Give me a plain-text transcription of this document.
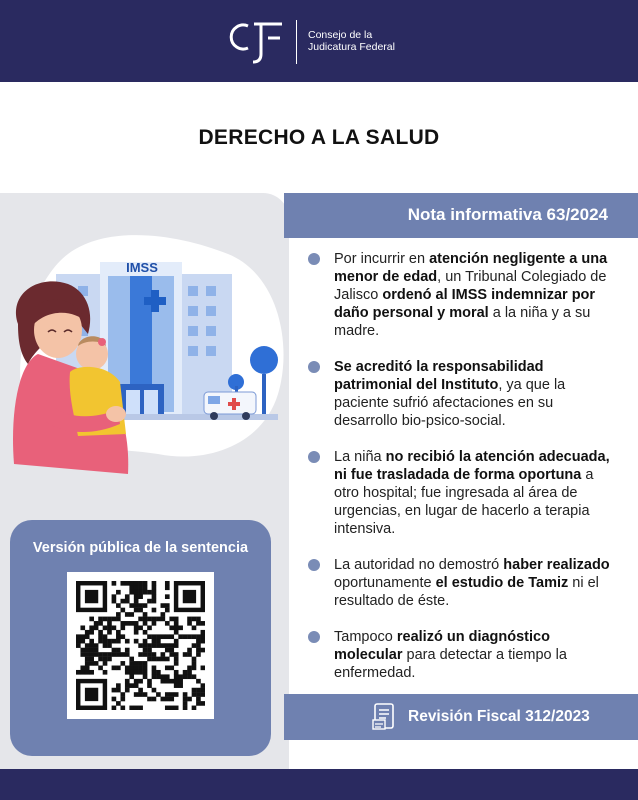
Consejo de la
Judicatura Federal
DERECHO A LA SALUD
IMSS
Versión pública de la sentencia
Nota informativa 63/2024
Por incurrir en atención negligente a una menor de edad, un Tribunal Colegiado de Jalisco ordenó al IMSS indemnizar por daño personal y moral a la niña y a su madre.
Se acreditó la responsabilidad patrimonial del Instituto, ya que la paciente sufrió afectaciones en su desarrollo bio-psico-social.
La niña no recibió la atención adecuada, ni fue trasladada de forma oportuna a otro hospital; fue ingresada al área de urgencias, en lugar de hacerlo a terapia intensiva.
La autoridad no demostró haber realizado oportunamente el estudio de Tamiz ni el resultado de éste.
Tampoco realizó un diagnóstico molecular para detectar a tiempo la enfermedad.
Revisión Fiscal 312/2023
